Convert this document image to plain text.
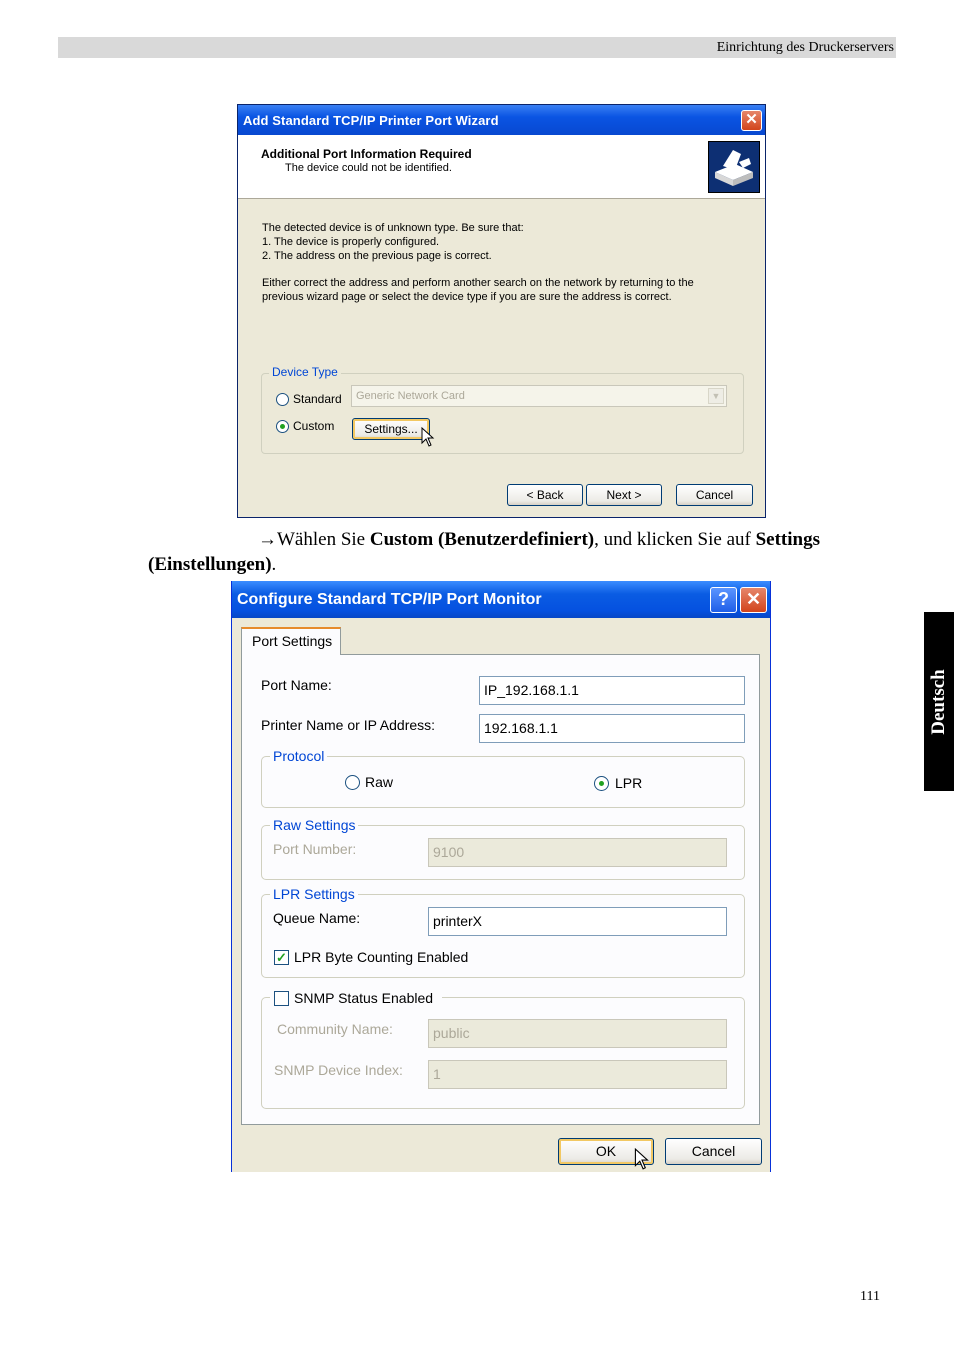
Einrichtung des Druckerservers
Deutsch
111
Add Standard TCP/IP Printer Port Wizard	✕
Additional Port Information Required
The device could not be identified.
The detected device is of unknown type. Be sure that:
1. The device is properly configured.
2. The address on the previous page is correct.
Either correct the address and perform another search on the network by returning to the
previous wizard page or select the device type if you are sure the address is correct.
Device Type
Standard Generic Network Card	▼
Custom	Settings...
< Back	Next >	Cancel
→Wählen Sie Custom (Benutzerdefiniert), und klicken Sie auf Settings
(Einstellungen).
Configure Standard TCP/IP Port Monitor	? ✕
Port Settings
Port Name:	IP_192.168.1.1
Printer Name or IP Address:	192.168.1.1
Protocol
Raw	LPR
Raw Settings
Port Number:	9100
LPR Settings
Queue Name:	printerX
✓ LPR Byte Counting Enabled
SNMP Status Enabled
Community Name:	public
SNMP Device Index:	1
OK	Cancel
